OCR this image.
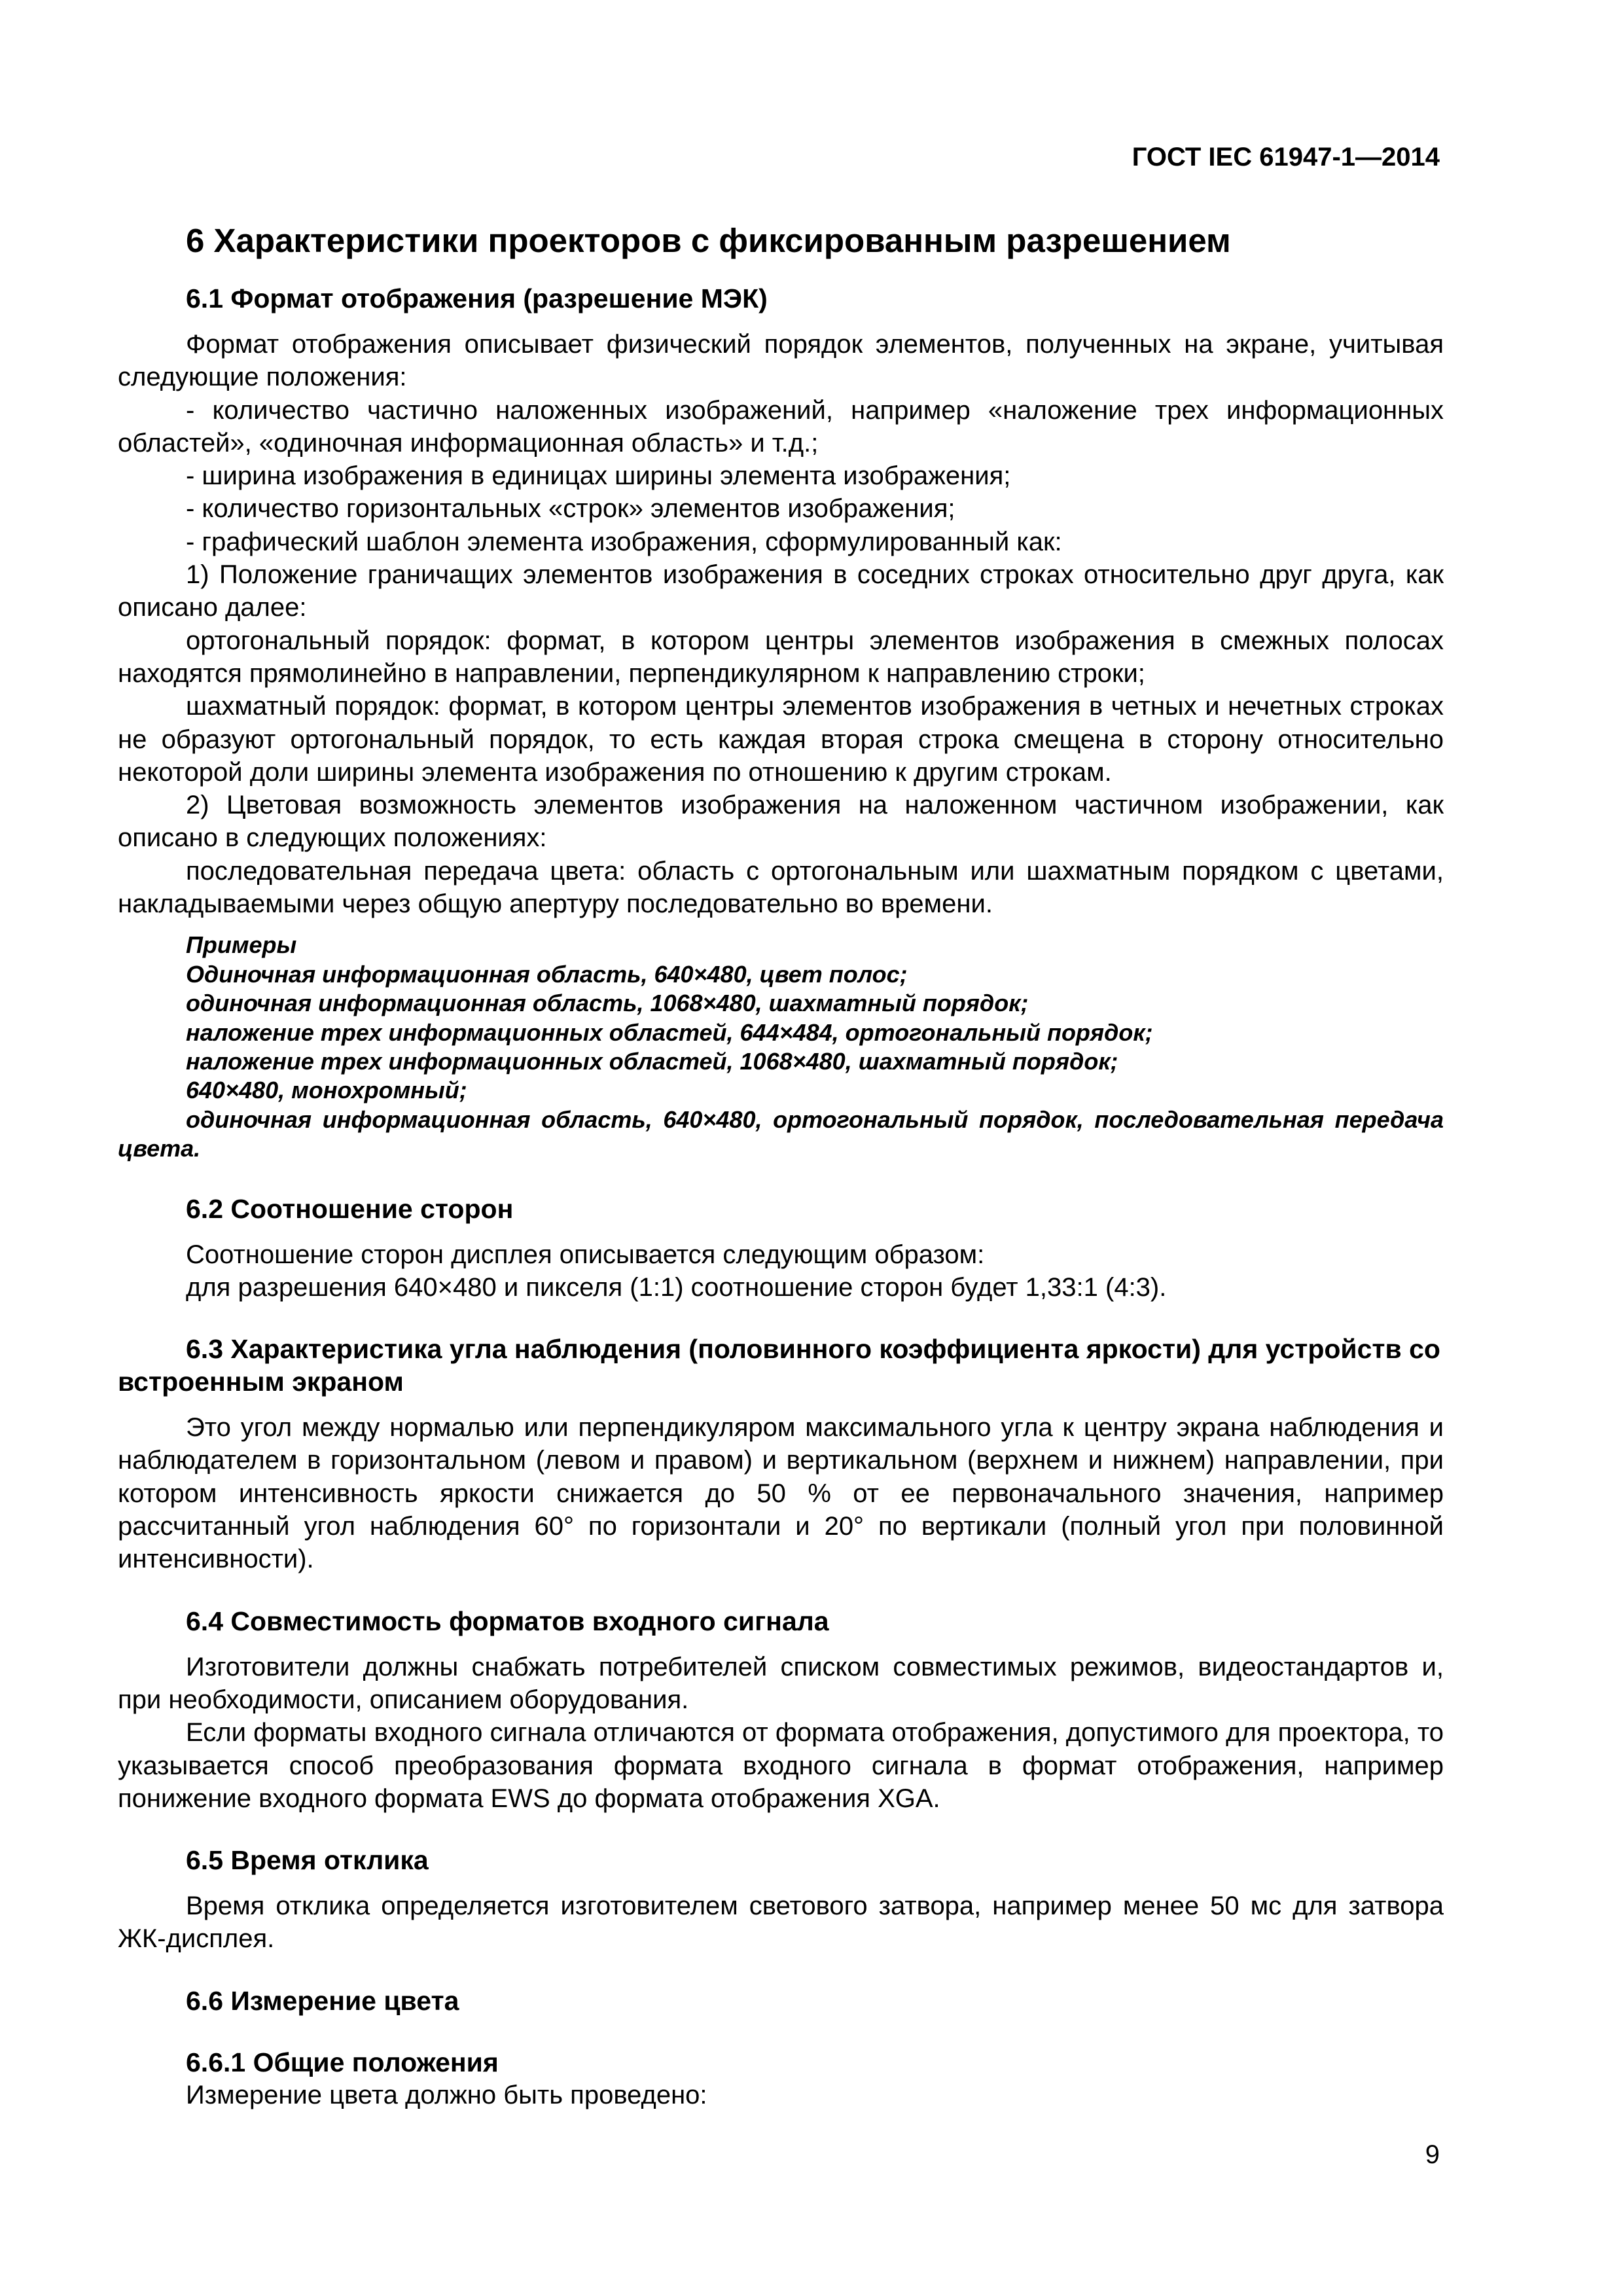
ГОСТ IEC 61947-1—2014
6 Характеристики проекторов с фиксированным разрешением
6.1 Формат отображения (разрешение МЭК)

Формат отображения описывает физический порядок элементов, полученных на экране, учитывая следующие положения:

- количество частично наложенных изображений, например «наложение трех информационных областей», «одиночная информационная область» и т.д.;

- ширина изображения в единицах ширины элемента изображения;

- количество горизонтальных «строк» элементов изображения;

- графический шаблон элемента изображения, сформулированный как:

1) Положение граничащих элементов изображения в соседних строках относительно друг друга, как описано далее:

ортогональный порядок: формат, в котором центры элементов изображения в смежных полосах находятся прямолинейно в направлении, перпендикулярном к направлению строки;

шахматный порядок: формат, в котором центры элементов изображения в четных и нечетных строках не образуют ортогональный порядок, то есть каждая вторая строка смещена в сторону относительно некоторой доли ширины элемента изображения по отношению к другим строкам.

2) Цветовая возможность элементов изображения на наложенном частичном изображении, как описано в следующих положениях:

последовательная передача цвета: область с ортогональным или шахматным порядком с цветами, накладываемыми через общую апертуру последовательно во времени.

Примеры

Одиночная информационная область, 640×480, цвет полос;

одиночная информационная область, 1068×480, шахматный порядок;

наложение трех информационных областей, 644×484, ортогональный порядок;

наложение трех информационных областей, 1068×480, шахматный порядок;

640×480, монохромный;

одиночная информационная область, 640×480, ортогональный порядок, последовательная передача цвета.

6.2 Соотношение сторон

Соотношение сторон дисплея описывается следующим образом:

для разрешения 640×480 и пикселя (1:1) соотношение сторон будет 1,33:1 (4:3).

6.3 Характеристика угла наблюдения (половинного коэффициента яркости) для устройств со встроенным экраном

Это угол между нормалью или перпендикуляром максимального угла к центру экрана наблюдения и наблюдателем в горизонтальном (левом и правом) и вертикальном (верхнем и нижнем) направлении, при котором интенсивность яркости снижается до 50 % от ее первоначального значения, например рассчитанный угол наблюдения 60° по горизонтали и 20° по вертикали (полный угол при половинной интенсивности).

6.4 Совместимость форматов входного сигнала

Изготовители должны снабжать потребителей списком совместимых режимов, видеостандартов и, при необходимости, описанием оборудования.

Если форматы входного сигнала отличаются от формата отображения, допустимого для проектора, то указывается способ преобразования формата входного сигнала в формат отображения, например понижение входного формата EWS до формата отображения XGA.

6.5 Время отклика

Время отклика определяется изготовителем светового затвора, например менее 50 мс для затвора ЖК-дисплея.

6.6 Измерение цвета
6.6.1 Общие положения

Измерение цвета должно быть проведено:

9
